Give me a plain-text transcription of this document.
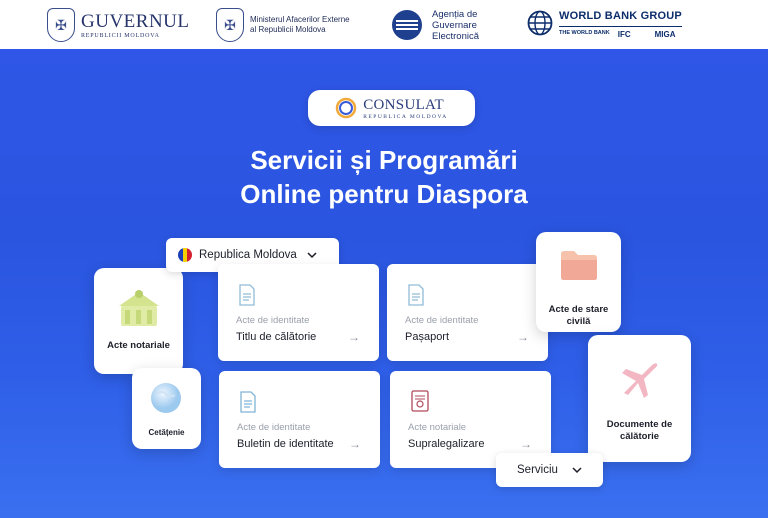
✠ GUVERNUL
REPUBLICII MOLDOVA
✠	Ministerul Afacerilor Externe
al Republicii Moldova
Agenția de
Guvernare
Electronică
WORLD BANK GROUP
THE WORLD BANK IFC	MIGA
CONSULAT
REPUBLICA MOLDOVA
Servicii și Programări
Online pentru Diaspora
Acte notariale
Cetățenie
Republica Moldova
Acte de identitate
Titlu de călătorie	→
Acte de identitate
Pașaport	→
Acte de identitate
Buletin de identitate →
Acte notariale
Supralegalizare	→
Acte de stare civilă
Documente de călătorie
Serviciu
